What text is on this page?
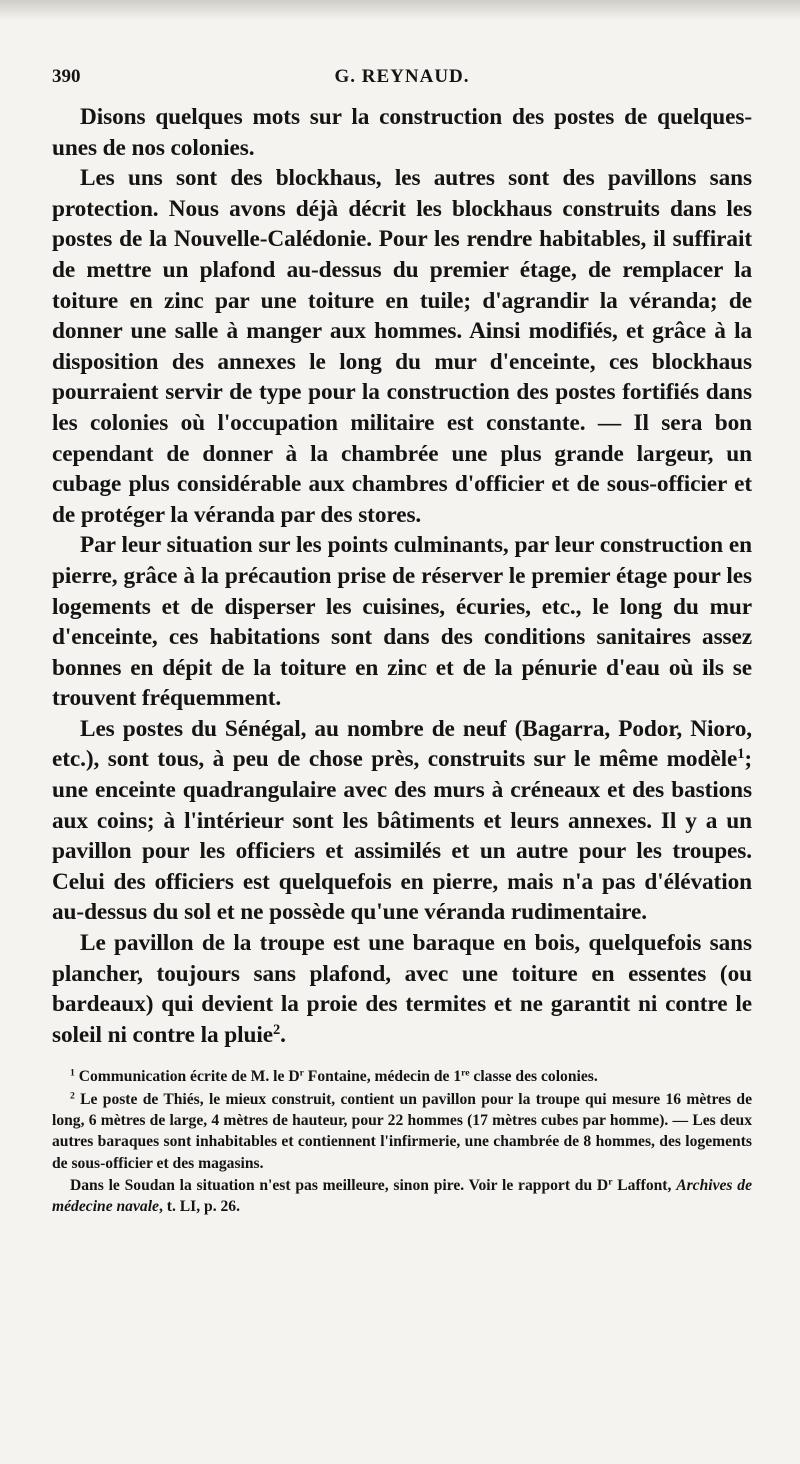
390	G. REYNAUD.

Disons quelques mots sur la construction des postes de quelques-unes de nos colonies.

Les uns sont des blockhaus, les autres sont des pavillons sans protection. Nous avons déjà décrit les blockhaus construits dans les postes de la Nouvelle-Calédonie. Pour les rendre habitables, il suffirait de mettre un plafond au-dessus du premier étage, de remplacer la toiture en zinc par une toiture en tuile; d'agrandir la véranda; de donner une salle à manger aux hommes. Ainsi modifiés, et grâce à la disposition des annexes le long du mur d'enceinte, ces blockhaus pourraient servir de type pour la construction des postes fortifiés dans les colonies où l'occupation militaire est constante. — Il sera bon cependant de donner à la chambrée une plus grande largeur, un cubage plus considérable aux chambres d'officier et de sous-officier et de protéger la véranda par des stores.

Par leur situation sur les points culminants, par leur construction en pierre, grâce à la précaution prise de réserver le premier étage pour les logements et de disperser les cuisines, écuries, etc., le long du mur d'enceinte, ces habitations sont dans des conditions sanitaires assez bonnes en dépit de la toiture en zinc et de la pénurie d'eau où ils se trouvent fréquemment.

Les postes du Sénégal, au nombre de neuf (Bagarra, Podor, Nioro, etc.), sont tous, à peu de chose près, construits sur le même modèle$^1$; une enceinte quadrangulaire avec des murs à créneaux et des bastions aux coins; à l'intérieur sont les bâtiments et leurs annexes. Il y a un pavillon pour les officiers et assimilés et un autre pour les troupes. Celui des officiers est quelquefois en pierre, mais n'a pas d'élévation au-dessus du sol et ne possède qu'une véranda rudimentaire.

Le pavillon de la troupe est une baraque en bois, quelquefois sans plancher, toujours sans plafond, avec une toiture en essentes (ou bardeaux) qui devient la proie des termites et ne garantit ni contre le soleil ni contre la pluie$^2$.

$^1$ Communication écrite de M. le $D^r$ Fontaine, médecin de 1re classe des colonies.

$^2$ Le poste de Thiés, le mieux construit, contient un pavillon pour la troupe qui mesure 16 mètres de long, 6 mètres de large, 4 mètres de hauteur, pour 22 hommes (17 mètres cubes par homme). — Les deux autres baraques sont inhabitables et contiennent l'infirmerie, une chambrée de 8 hommes, des logements de sous-officier et des magasins.

Dans le Soudan la situation n'est pas meilleure, sinon pire. Voir le rapport du $D^r$ Laffont, Archives de médecine navale, t. LI, p. 26.
